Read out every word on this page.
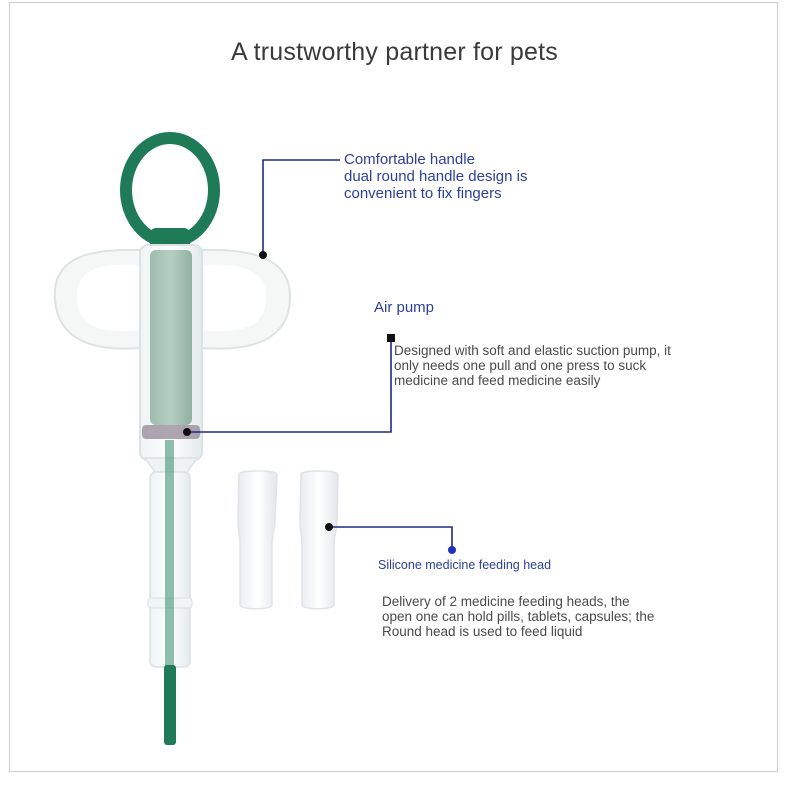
A trustworthy partner for pets
Comfortable handle
dual round handle design is
convenient to fix fingers
Air pump
Designed with soft and elastic suction pump, it
only needs one pull and one press to suck
medicine and feed medicine easily
Silicone medicine feeding head
Delivery of 2 medicine feeding heads, the
open one can hold pills, tablets, capsules; the
Round head is used to feed liquid
